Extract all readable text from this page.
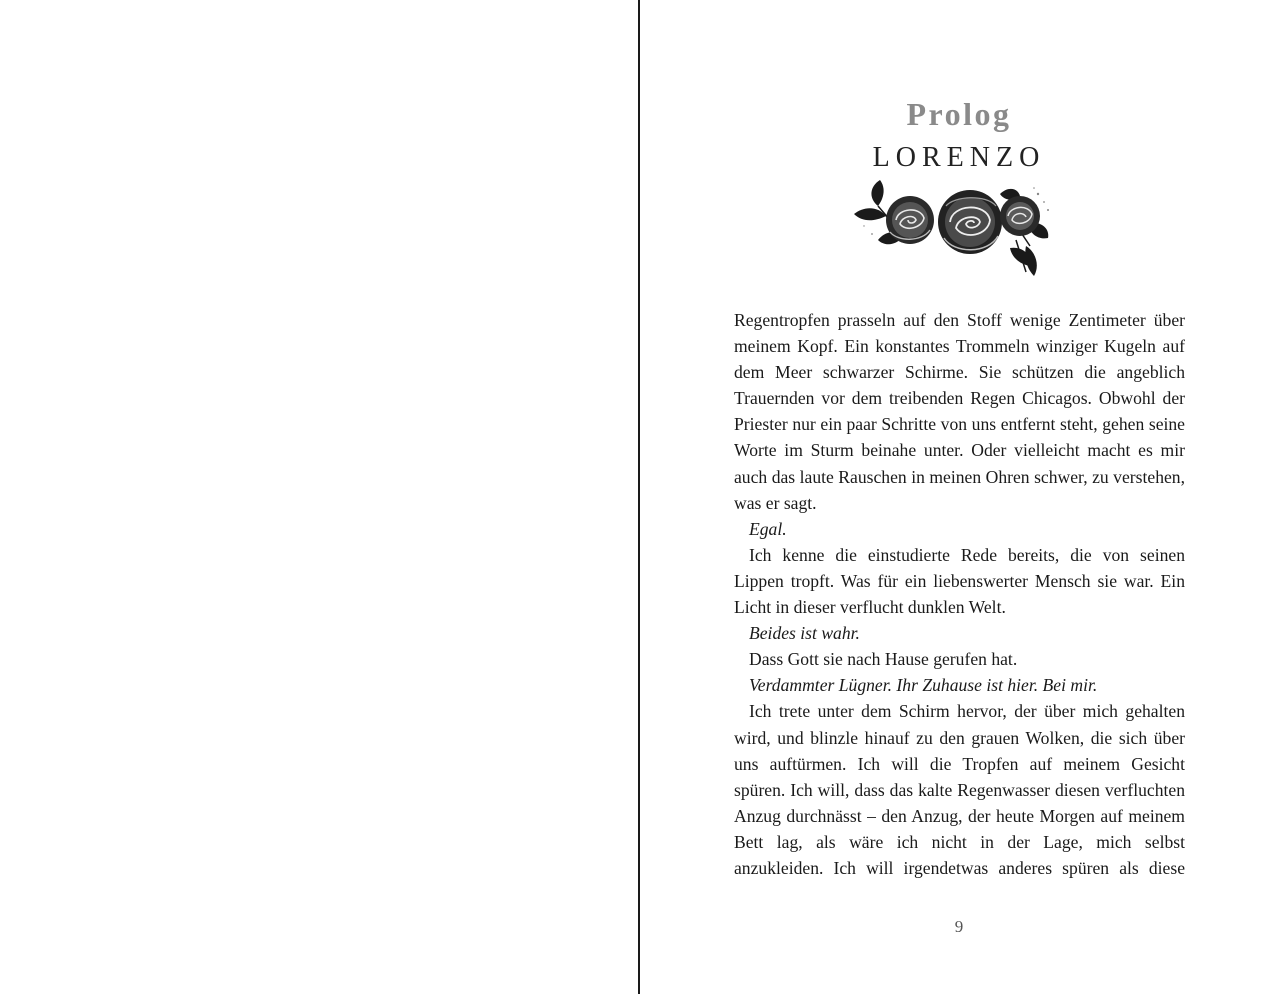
Prolog
LORENZO

Regentropfen prasseln auf den Stoff wenige Zentimeter über meinem Kopf. Ein konstantes Trommeln winziger Kugeln auf dem Meer schwarzer Schirme. Sie schützen die angeblich Trauernden vor dem treibenden Regen Chicagos. Obwohl der Priester nur ein paar Schritte von uns entfernt steht, gehen seine Worte im Sturm beinahe unter. Oder vielleicht macht es mir auch das laute Rauschen in meinen Ohren schwer, zu verstehen, was er sagt.

Egal.

Ich kenne die einstudierte Rede bereits, die von seinen Lippen tropft. Was für ein liebenswerter Mensch sie war. Ein Licht in dieser verflucht dunklen Welt.

Beides ist wahr.

Dass Gott sie nach Hause gerufen hat.

Verdammter Lügner. Ihr Zuhause ist hier. Bei mir.

Ich trete unter dem Schirm hervor, der über mich gehalten wird, und blinzle hinauf zu den grauen Wolken, die sich über uns auftürmen. Ich will die Tropfen auf meinem Gesicht spüren. Ich will, dass das kalte Regenwasser diesen verfluchten Anzug durchnässt – den Anzug, der heute Morgen auf meinem Bett lag, als wäre ich nicht in der Lage, mich selbst anzukleiden. Ich will irgendetwas anderes spüren als diese

9
